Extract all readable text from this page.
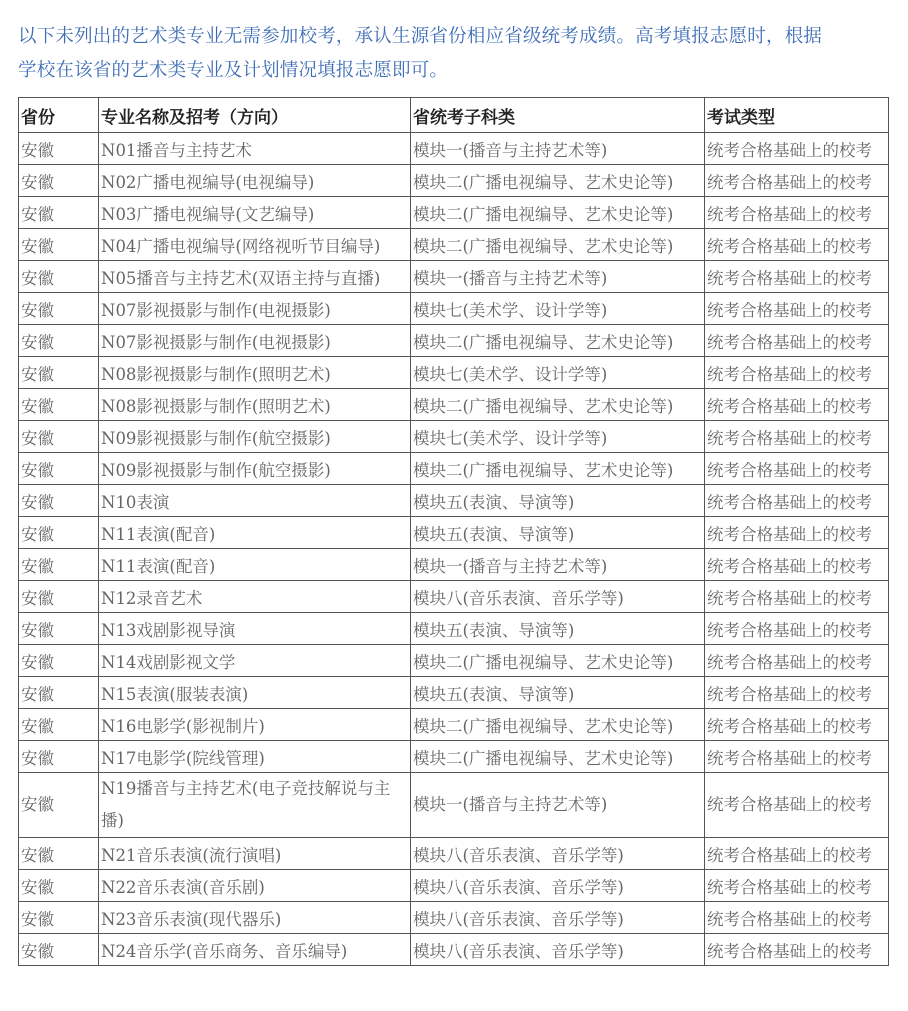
以下未列出的艺术类专业无需参加校考，承认生源省份相应省级统考成绩。高考填报志愿时，根据
学校在该省的艺术类专业及计划情况填报志愿即可。
省份	专业名称及招考（方向）	省统考子科类	考试类型
安徽	N01播音与主持艺术	模块一(播音与主持艺术等)	统考合格基础上的校考
安徽	N02广播电视编导(电视编导)	模块二(广播电视编导、艺术史论等)	统考合格基础上的校考
安徽	N03广播电视编导(文艺编导)	模块二(广播电视编导、艺术史论等)	统考合格基础上的校考
安徽	N04广播电视编导(网络视听节目编导)	模块二(广播电视编导、艺术史论等)	统考合格基础上的校考
安徽	N05播音与主持艺术(双语主持与直播)	模块一(播音与主持艺术等)	统考合格基础上的校考
安徽	N07影视摄影与制作(电视摄影)	模块七(美术学、设计学等)	统考合格基础上的校考
安徽	N07影视摄影与制作(电视摄影)	模块二(广播电视编导、艺术史论等)	统考合格基础上的校考
安徽	N08影视摄影与制作(照明艺术)	模块七(美术学、设计学等)	统考合格基础上的校考
安徽	N08影视摄影与制作(照明艺术)	模块二(广播电视编导、艺术史论等)	统考合格基础上的校考
安徽	N09影视摄影与制作(航空摄影)	模块七(美术学、设计学等)	统考合格基础上的校考
安徽	N09影视摄影与制作(航空摄影)	模块二(广播电视编导、艺术史论等)	统考合格基础上的校考
安徽	N10表演	模块五(表演、导演等)	统考合格基础上的校考
安徽	N11表演(配音)	模块五(表演、导演等)	统考合格基础上的校考
安徽	N11表演(配音)	模块一(播音与主持艺术等)	统考合格基础上的校考
安徽	N12录音艺术	模块八(音乐表演、音乐学等)	统考合格基础上的校考
安徽	N13戏剧影视导演	模块五(表演、导演等)	统考合格基础上的校考
安徽	N14戏剧影视文学	模块二(广播电视编导、艺术史论等)	统考合格基础上的校考
安徽	N15表演(服装表演)	模块五(表演、导演等)	统考合格基础上的校考
安徽	N16电影学(影视制片)	模块二(广播电视编导、艺术史论等)	统考合格基础上的校考
安徽	N17电影学(院线管理)	模块二(广播电视编导、艺术史论等)	统考合格基础上的校考
安徽	N19播音与主持艺术(电子竞技解说与主播)	模块一(播音与主持艺术等)	统考合格基础上的校考
安徽	N21音乐表演(流行演唱)	模块八(音乐表演、音乐学等)	统考合格基础上的校考
安徽	N22音乐表演(音乐剧)	模块八(音乐表演、音乐学等)	统考合格基础上的校考
安徽	N23音乐表演(现代器乐)	模块八(音乐表演、音乐学等)	统考合格基础上的校考
安徽	N24音乐学(音乐商务、音乐编导)	模块八(音乐表演、音乐学等)	统考合格基础上的校考
